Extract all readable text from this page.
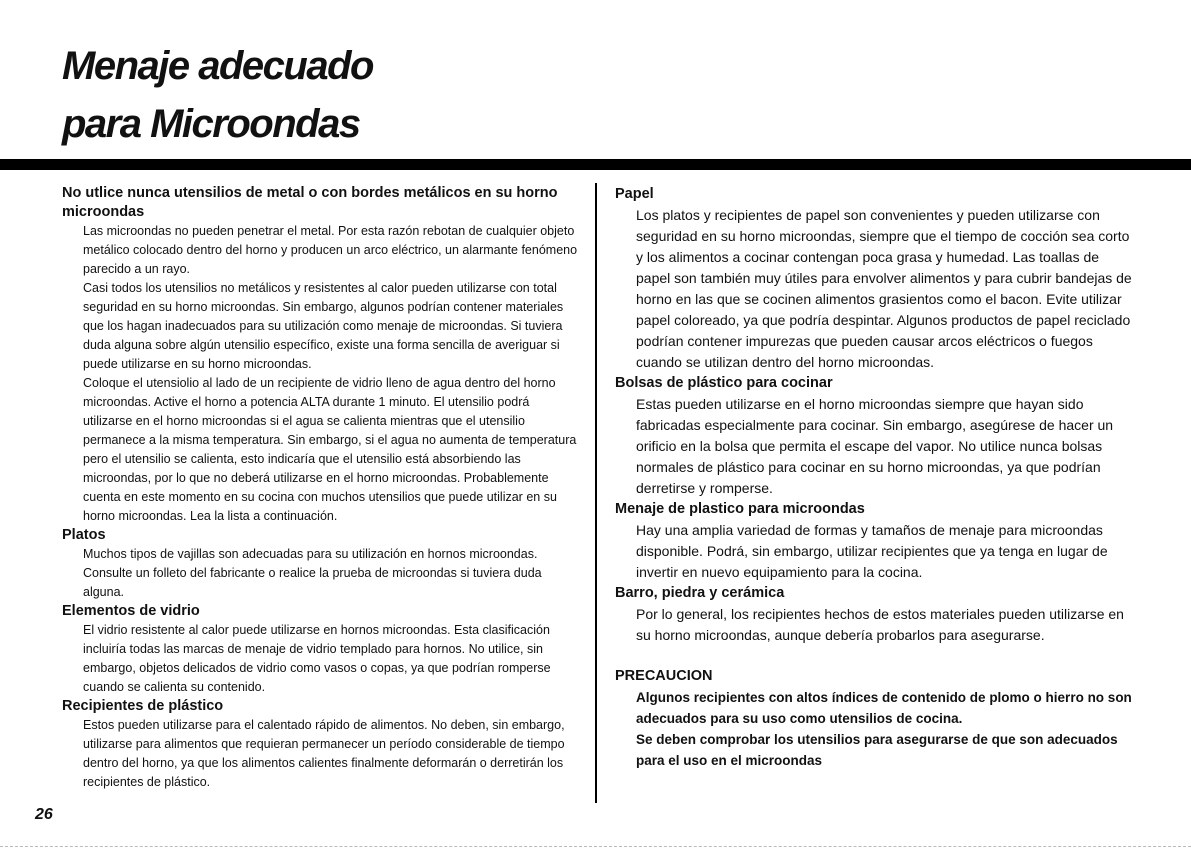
Menaje adecuado
para Microondas

No utlice nunca utensilios de metal o con bordes metálicos en su horno microondas

Las microondas no pueden penetrar el metal. Por esta razón rebotan de cualquier objeto metálico colocado dentro del horno y producen un arco eléctrico, un alarmante fenómeno parecido a un rayo.

Casi todos los utensilios no metálicos y resistentes al calor pueden utilizarse con total seguridad en su horno microondas. Sin embargo, algunos podrían contener materiales que los hagan inadecuados para su utilización como menaje de microondas. Si tuviera duda alguna sobre algún utensilio específico, existe una forma sencilla de averiguar si puede utilizarse en su horno microondas.

Coloque el utensiolio al lado de un recipiente de vidrio lleno de agua dentro del horno microondas. Active el horno a potencia ALTA durante 1 minuto. El utensilio podrá utilizarse en el horno microondas si el agua se calienta mientras que el utensilio permanece a la misma temperatura. Sin embargo, si el agua no aumenta de temperatura pero el utensilio se calienta, esto indicaría que el utensilio está absorbiendo las microondas, por lo que no deberá utilizarse en el horno microondas. Probablemente cuenta en este momento en su cocina con muchos utensilios que puede utilizar en su horno microondas. Lea la lista a continuación.

Platos

Muchos tipos de vajillas son adecuadas para su utilización en hornos microondas. Consulte un folleto del fabricante o realice la prueba de microondas si tuviera duda alguna.

Elementos de vidrio

El vidrio resistente al calor puede utilizarse en hornos microondas. Esta clasificación incluiría todas las marcas de menaje de vidrio templado para hornos. No utilice, sin embargo, objetos delicados de vidrio como vasos o copas, ya que podrían romperse cuando se calienta su contenido.

Recipientes de plástico

Estos pueden utilizarse para el calentado rápido de alimentos. No deben, sin embargo, utilizarse para alimentos que requieran permanecer un período considerable de tiempo dentro del horno, ya que los alimentos calientes finalmente deformarán o derretirán los recipientes de plástico.

Papel

Los platos y recipientes de papel son convenientes y pueden utilizarse con seguridad en su horno microondas, siempre que el tiempo de cocción sea corto y los alimentos a cocinar contengan poca grasa y humedad. Las toallas de papel son también muy útiles para envolver alimentos y para cubrir bandejas de horno en las que se cocinen alimentos grasientos como el bacon. Evite utilizar papel coloreado, ya que podría despintar. Algunos productos de papel reciclado podrían contener impurezas que pueden causar arcos eléctricos o fuegos cuando se utilizan dentro del horno microondas.

Bolsas de plástico para cocinar

Estas pueden utilizarse en el horno microondas siempre que hayan sido fabricadas especialmente para cocinar. Sin embargo, asegúrese de hacer un orificio en la bolsa que permita el escape del vapor. No utilice nunca bolsas normales de plástico para cocinar en su horno microondas, ya que podrían derretirse y romperse.

Menaje de plastico para microondas

Hay una amplia variedad de formas y tamaños de menaje para microondas disponible. Podrá, sin embargo, utilizar recipientes que ya tenga en lugar de invertir en nuevo equipamiento para la cocina.

Barro, piedra y cerámica

Por lo general, los recipientes hechos de estos materiales pueden utilizarse en su horno microondas, aunque debería probarlos para asegurarse.

PRECAUCION

Algunos recipientes con altos índices de contenido de plomo o hierro no son adecuados para su uso como utensilios de cocina.

Se deben comprobar los utensilios para asegurarse de que son adecuados para el uso en el microondas

26
